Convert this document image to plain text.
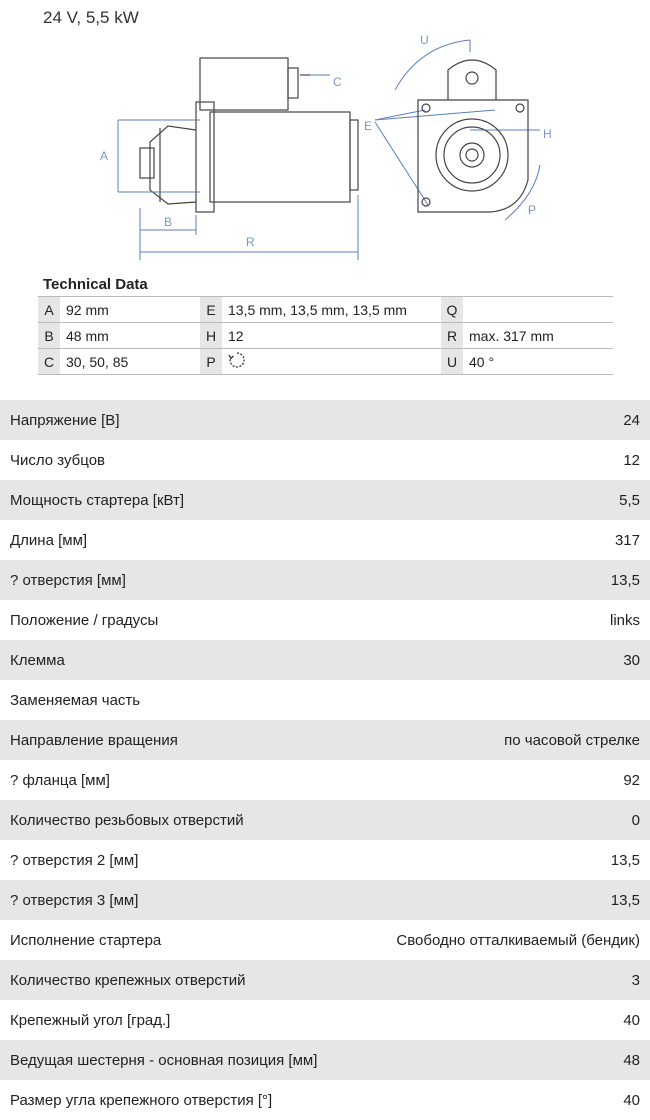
24 V, 5,5 kW
A
B
R
C
E
H
P
U
Technical Data
A	92 mm	E	13,5 mm, 13,5 mm, 13,5 mm	Q	
B	48 mm	H	12	R	max. 317 mm
C	30, 50, 85	P		U	40 °
Напряжение [В]	24
Число зубцов	12
Мощность стартера [кВт]	5,5
Длина [мм]	317
? отверстия [мм]	13,5
Положение / градусы	links
Клемма	30
Заменяемая часть
Направление вращения	по часовой стрелке
? фланца [мм]	92
Количество резьбовых отверстий	0
? отверстия 2 [мм]	13,5
? отверстия 3 [мм]	13,5
Исполнение стартера	Свободно отталкиваемый (бендик)
Количество крепежных отверстий	3
Крепежный угол [град.]	40
Ведущая шестерня - основная позиция [мм]	48
Размер угла крепежного отверстия [°]	40
